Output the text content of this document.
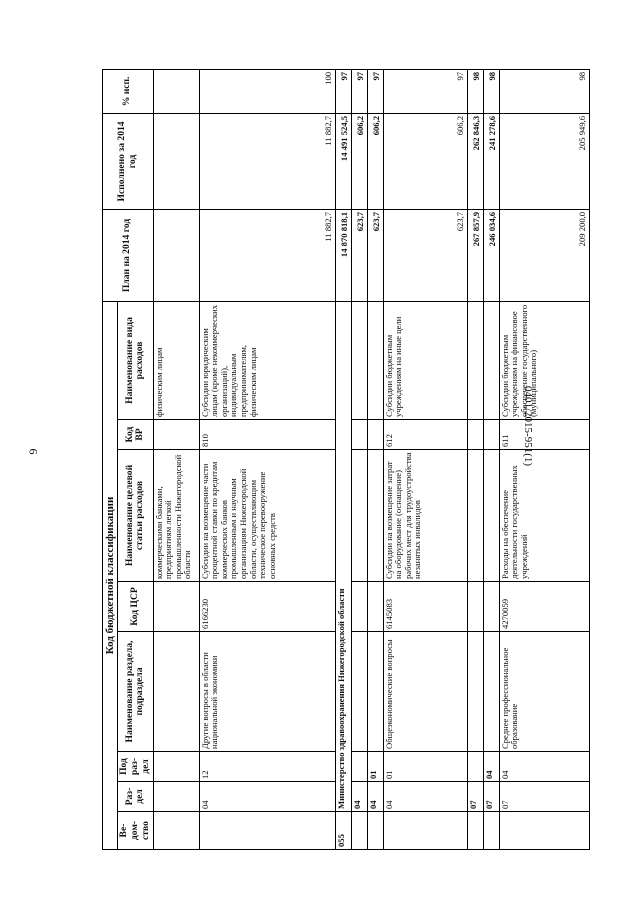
6	0401/2015-951(1)
Код бюджетной классификации								План на 2014 год	Исполнено за 2014 год	% исп.
Ве-дом-ство	Раз-дел	Под раз-дел	Наименование раздела, подраздела	Код ЦСР	Наименование целевой статьи расходов	Код ВР	Наименование вида расходов			
					коммерческими банками, предприятиям легкой промышленности Нижегородской области		физическим лицам			
	04	12	Другие вопросы в области национальной экономики	6166230	Субсидии на возмещение части процентной ставки по кредитам коммерческих банков промышленным и научным организациям Нижегородской области, осуществляющим техническое перевооружение основных средств	810	Субсидии юридическим лицам (кроме некоммерческих организаций), индивидуальным предпринимателям, физическим лицам	11 882,7	11 882,7	100
055	Министерство здравоохранения Нижегородской области							14 870 818,1	14 491 524,5	97
	04							623,7	606,2	97
	04	01						623,7	606,2	97
	04	01	Общеэкономические вопросы	6145083	Субсидии на возмещение затрат на оборудование (оснащение) рабочих мест для трудоустройства незанятых инвалидов	612	Субсидии бюджетным учреждениям на иные цели	623,7	606,2	97
	07							267 857,9	262 846,3	98
	07	04						246 034,6	241 278,6	98
	07	04	Среднее профессиональное образование	4270059	Расходы на обеспечение деятельности государственных учреждений	611	Субсидии бюджетным учреждениям на финансовое обеспечение государственного (муниципального)	209 200,0	205 949,6	98
